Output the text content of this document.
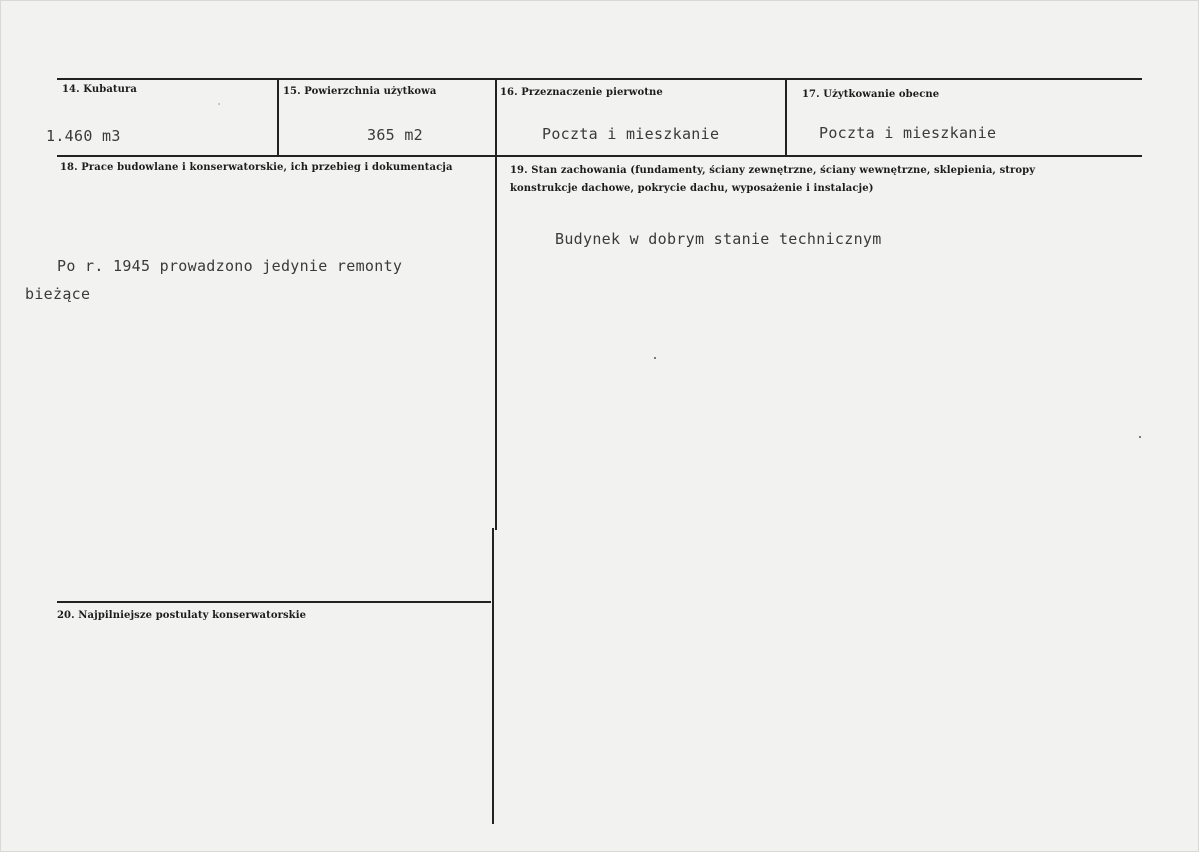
14. Kubatura
1.460 m3
15. Powierzchnia użytkowa
365 m2
16. Przeznaczenie pierwotne
Poczta i mieszkanie
17. Użytkowanie obecne
Poczta i mieszkanie
18. Prace budowlane i konserwatorskie, ich przebieg i dokumentacja
Po r. 1945 prowadzono jedynie remonty
bieżące
19. Stan zachowania (fundamenty, ściany zewnętrzne, ściany wewnętrzne, sklepienia, stropy
konstrukcje dachowe, pokrycie dachu, wyposażenie i instalacje)
Budynek w dobrym stanie technicznym
20. Najpilniejsze postulaty konserwatorskie
